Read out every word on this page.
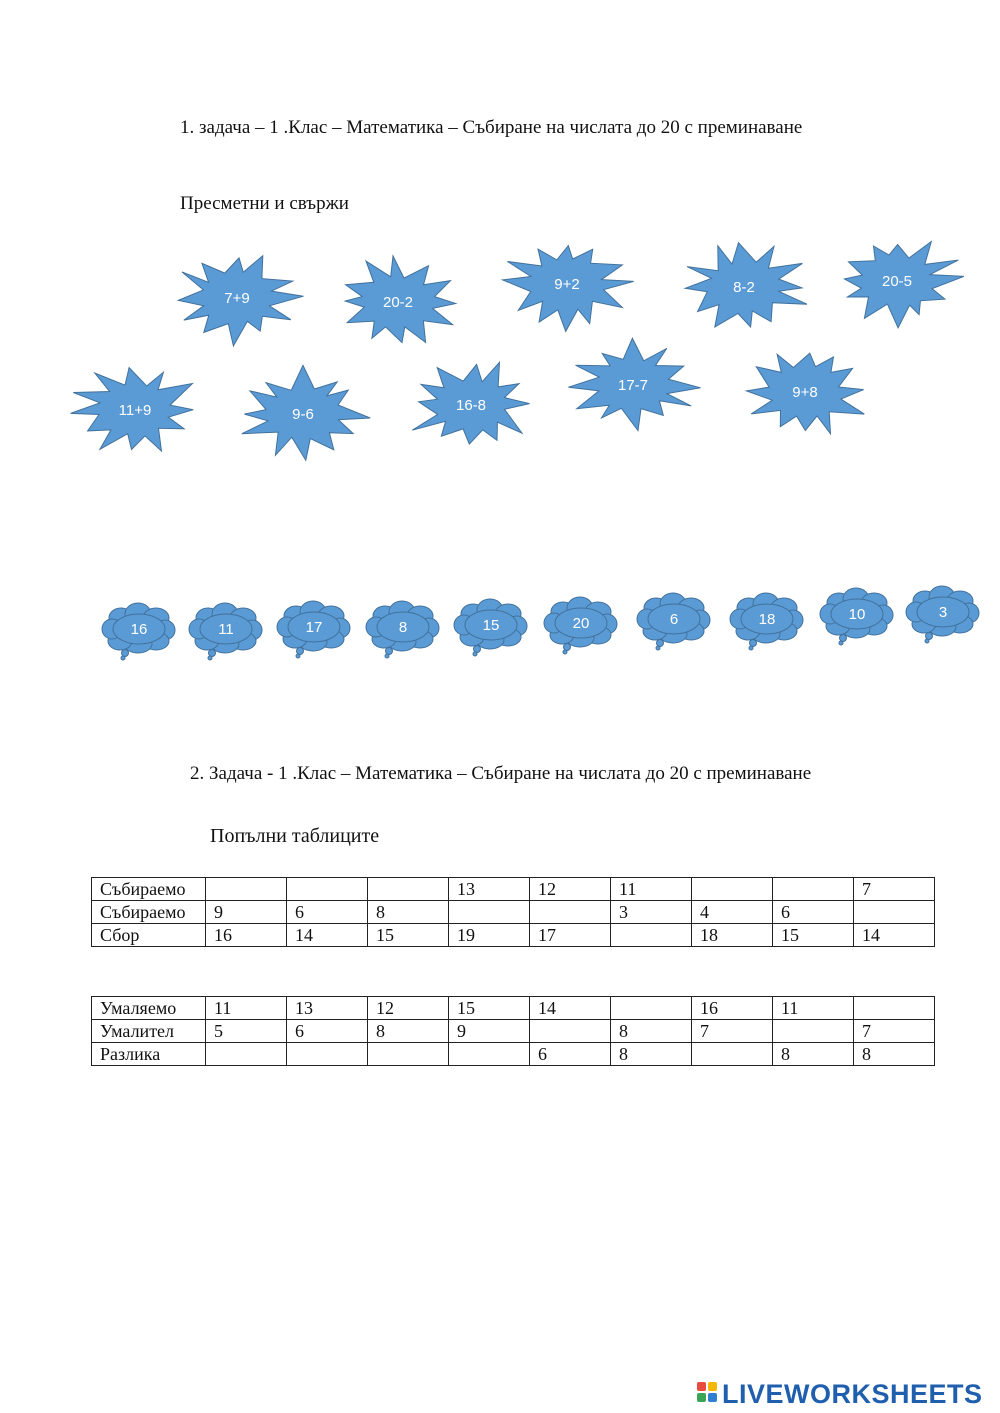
1. задача – 1 .Клас – Математика – Събиране на числата до 20 с преминаване
Пресметни и свържи
7+9	20-2
9+2	8-2	20-5
11+9	9-6
16-8
17-7	9+8
16	11	17	8	15	20	6	18	10	3
2. Задача - 1 .Клас – Математика – Събиране на числата до 20 с преминаване
Попълни таблиците
Събираемо				13	12	11			7
Събираемо	9	6	8			3	4	6	
Сбор	16	14	15	19	17		18	15	14
Умаляемо	11	13	12	15	14		16	11	
Умалител	5	6	8	9		8	7		7
Разлика					6	8		8	8
LIVEWORKSHEETS
